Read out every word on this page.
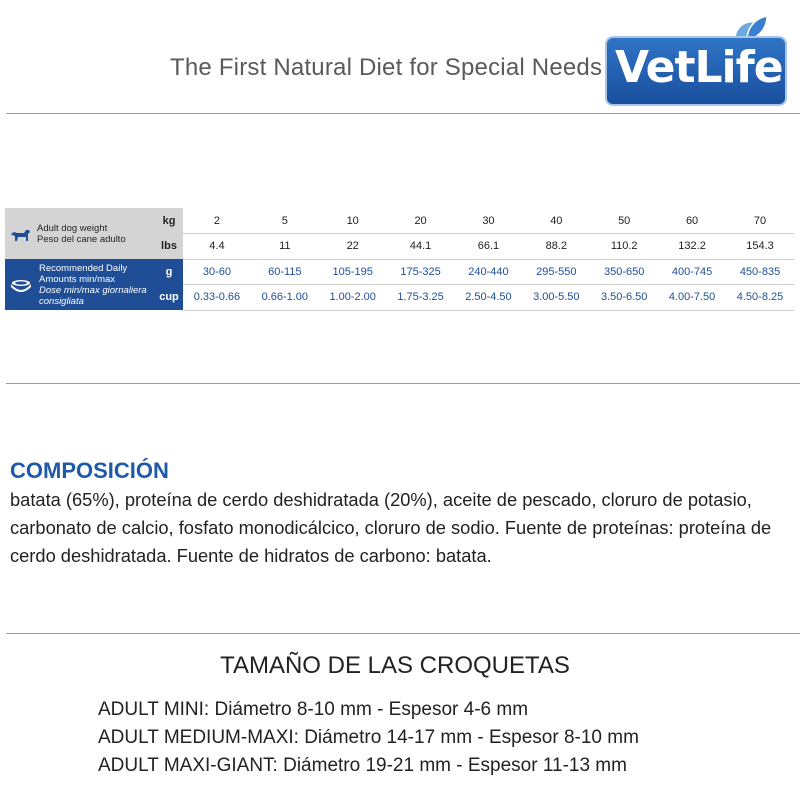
The First Natural Diet for Special Needs VetLife
Adult dog weight
Peso del cane adulto	kg	2	5	10	20	30	40	50	60	70
	lbs	4.4	11	22	44.1	66.1	88.2	110.2	132.2	154.3

Recommended Daily Amounts min/max
Dose min/max giornaliera consigliata	g	30-60	60-115	105-195	175-325	240-440	295-550	350-650	400-745	450-835
	cup	0.33-0.66	0.66-1.00	1.00-2.00	1.75-3.25	2.50-4.50	3.00-5.50	3.50-6.50	4.00-7.50	4.50-8.25
COMPOSICIÓN
batata (65%), proteína de cerdo deshidratada (20%), aceite de pescado, cloruro de potasio, carbonato de calcio, fosfato monodicálcico, cloruro de sodio. Fuente de proteínas: proteína de cerdo deshidratada. Fuente de hidratos de carbono: batata.
TAMAÑO DE LAS CROQUETAS
ADULT MINI: Diámetro 8-10 mm - Espesor 4-6 mm
ADULT MEDIUM-MAXI: Diámetro 14-17 mm - Espesor 8-10 mm
ADULT MAXI-GIANT: Diámetro 19-21 mm - Espesor 11-13 mm
